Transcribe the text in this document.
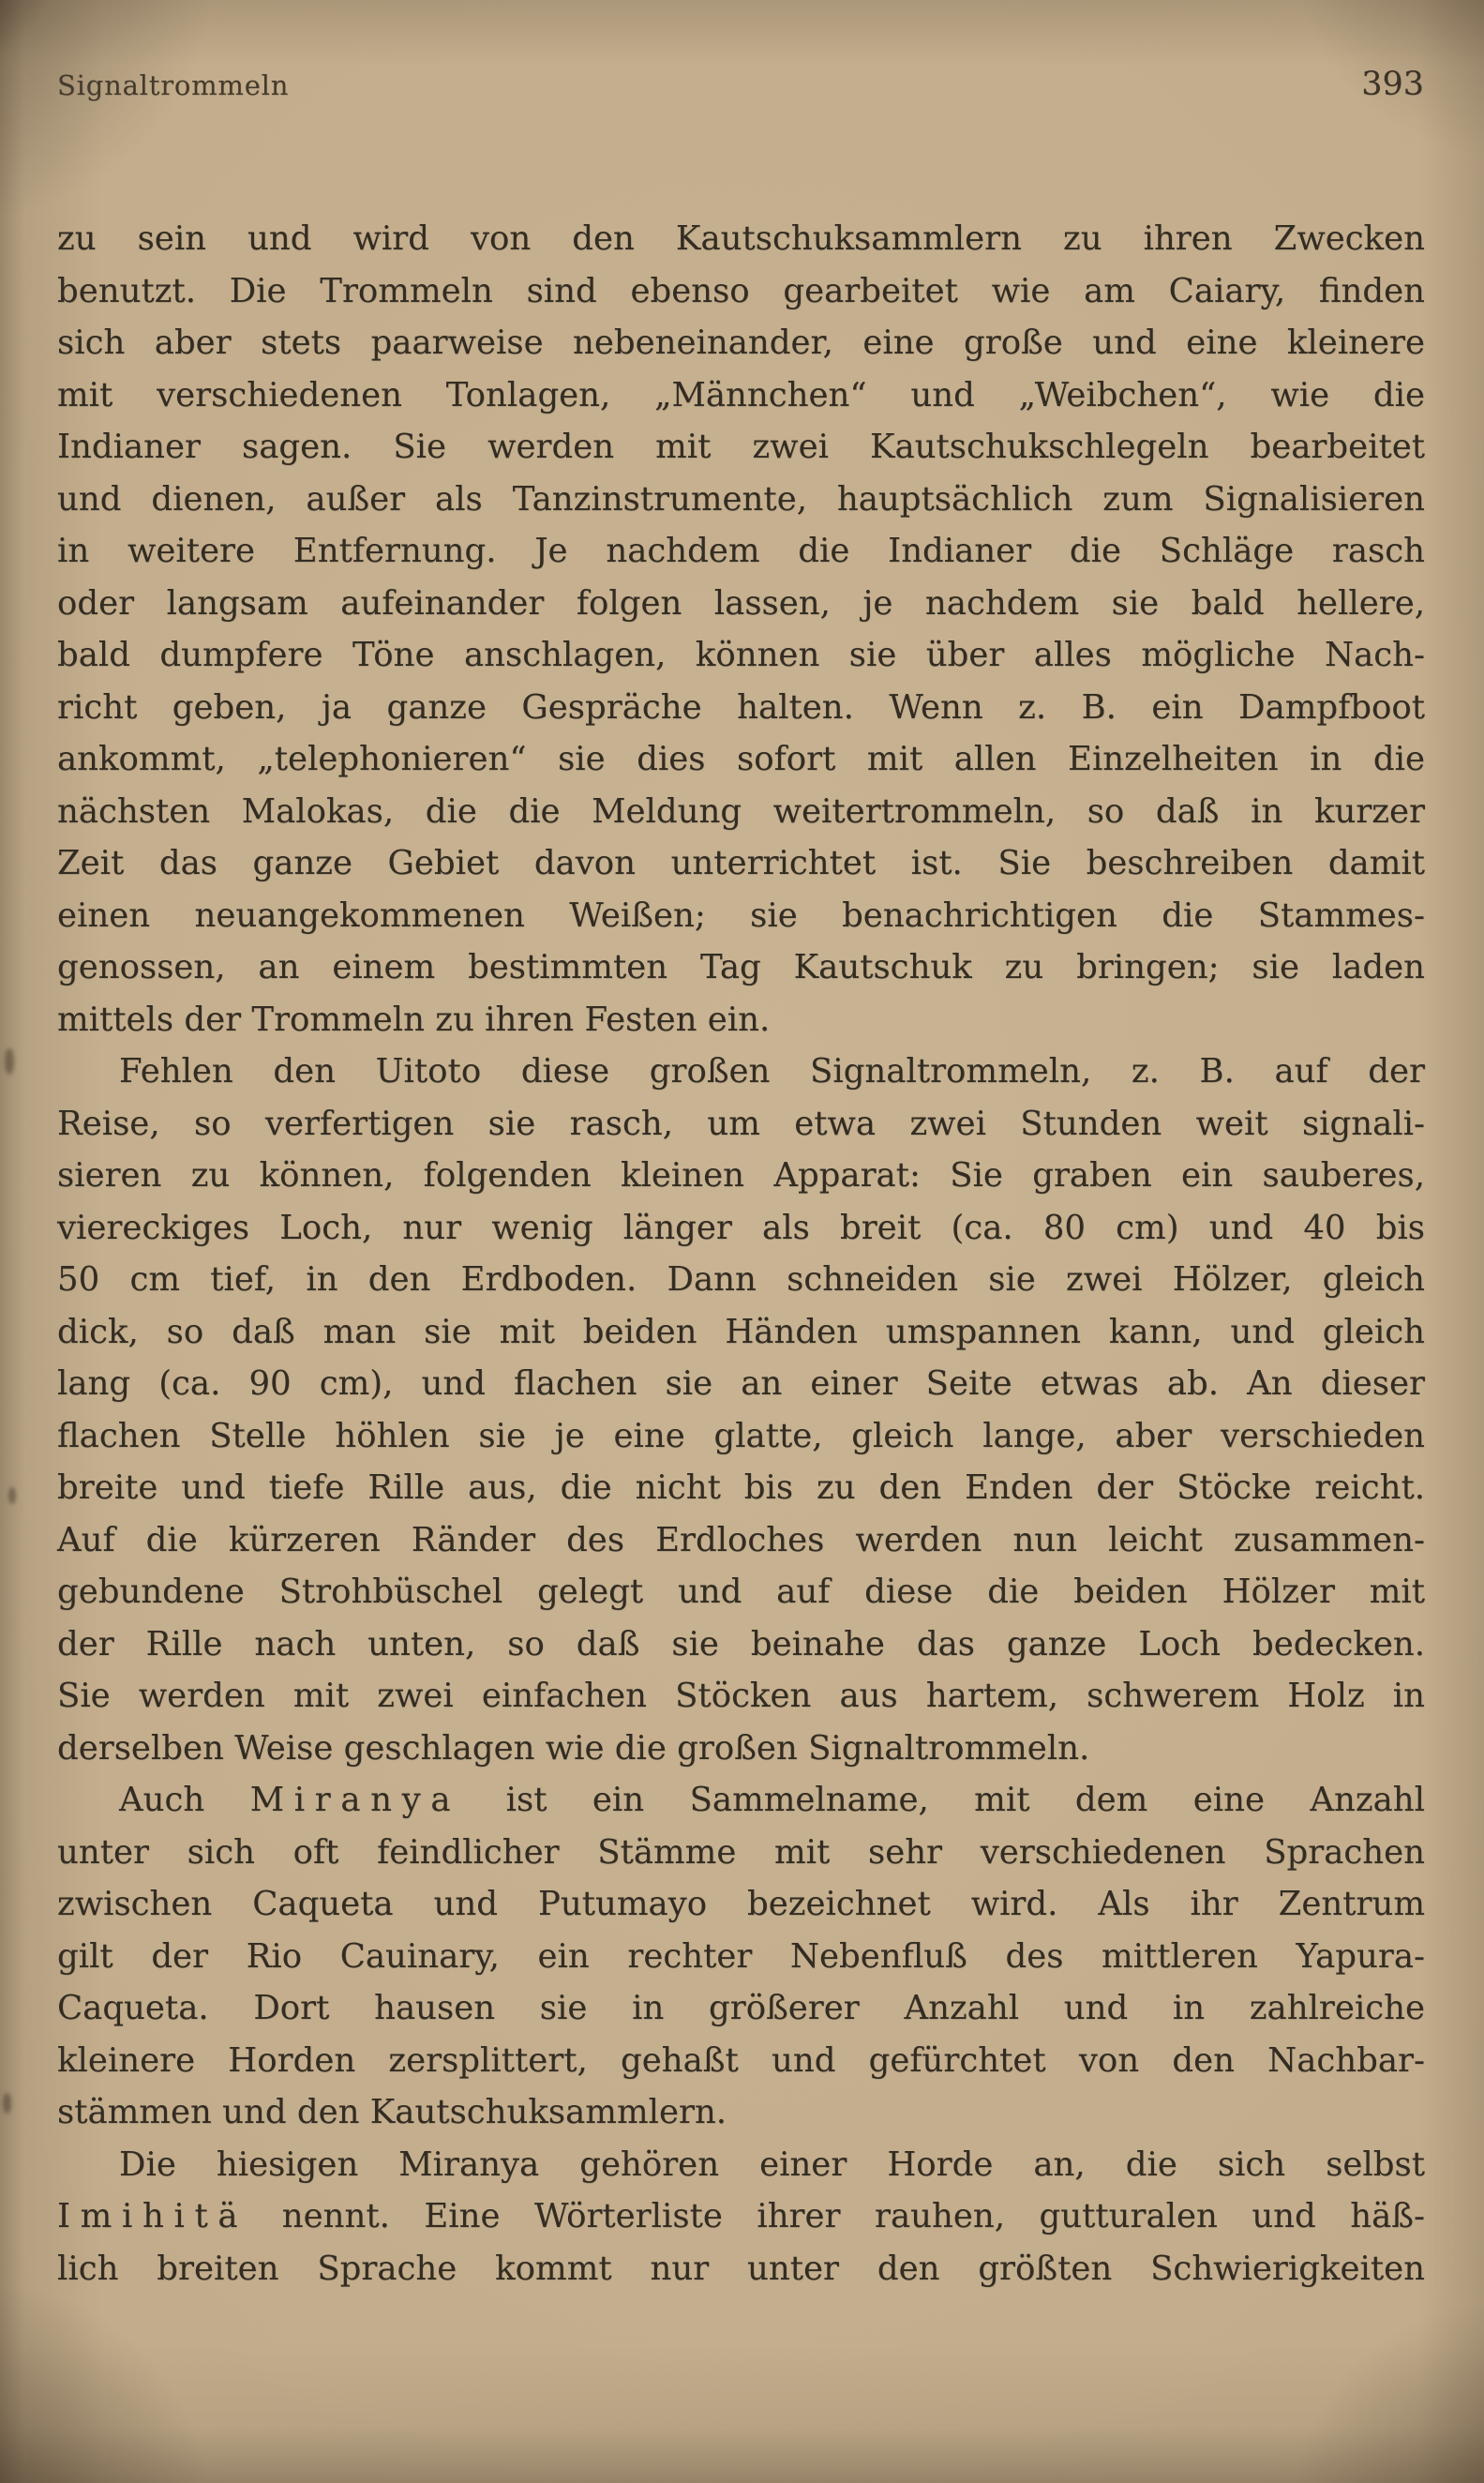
Signaltrommeln	393
zu sein und wird von den Kautschuksammlern zu ihren Zwecken
benutzt. Die Trommeln sind ebenso gearbeitet wie am Caiary, finden
sich aber stets paarweise nebeneinander, eine große und eine kleinere
mit verschiedenen Tonlagen, „Männchen“ und „Weibchen“, wie die
Indianer sagen. Sie werden mit zwei Kautschukschlegeln bearbeitet
und dienen, außer als Tanzinstrumente, hauptsächlich zum Signalisieren
in weitere Entfernung. Je nachdem die Indianer die Schläge rasch
oder langsam aufeinander folgen lassen, je nachdem sie bald hellere,
bald dumpfere Töne anschlagen, können sie über alles mögliche Nach-
richt geben, ja ganze Gespräche halten. Wenn z. B. ein Dampfboot
ankommt, „telephonieren“ sie dies sofort mit allen Einzelheiten in die
nächsten Malokas, die die Meldung weitertrommeln, so daß in kurzer
Zeit das ganze Gebiet davon unterrichtet ist. Sie beschreiben damit
einen neuangekommenen Weißen; sie benachrichtigen die Stammes-
genossen, an einem bestimmten Tag Kautschuk zu bringen; sie laden
mittels der Trommeln zu ihren Festen ein.
Fehlen den Uitoto diese großen Signaltrommeln, z. B. auf der
Reise, so verfertigen sie rasch, um etwa zwei Stunden weit signali-
sieren zu können, folgenden kleinen Apparat: Sie graben ein sauberes,
viereckiges Loch, nur wenig länger als breit (ca. 80 cm) und 40 bis
50 cm tief, in den Erdboden. Dann schneiden sie zwei Hölzer, gleich
dick, so daß man sie mit beiden Händen umspannen kann, und gleich
lang (ca. 90 cm), und flachen sie an einer Seite etwas ab. An dieser
flachen Stelle höhlen sie je eine glatte, gleich lange, aber verschieden
breite und tiefe Rille aus, die nicht bis zu den Enden der Stöcke reicht.
Auf die kürzeren Ränder des Erdloches werden nun leicht zusammen-
gebundene Strohbüschel gelegt und auf diese die beiden Hölzer mit
der Rille nach unten, so daß sie beinahe das ganze Loch bedecken.
Sie werden mit zwei einfachen Stöcken aus hartem, schwerem Holz in
derselben Weise geschlagen wie die großen Signaltrommeln.
Auch Miranya ist ein Sammelname, mit dem eine Anzahl
unter sich oft feindlicher Stämme mit sehr verschiedenen Sprachen
zwischen Caqueta und Putumayo bezeichnet wird. Als ihr Zentrum
gilt der Rio Cauinary, ein rechter Nebenfluß des mittleren Yapura-
Caqueta. Dort hausen sie in größerer Anzahl und in zahlreiche
kleinere Horden zersplittert, gehaßt und gefürchtet von den Nachbar-
stämmen und den Kautschuksammlern.
Die hiesigen Miranya gehören einer Horde an, die sich selbst
Imihitä nennt. Eine Wörterliste ihrer rauhen, gutturalen und häß-
lich breiten Sprache kommt nur unter den größten Schwierigkeiten
